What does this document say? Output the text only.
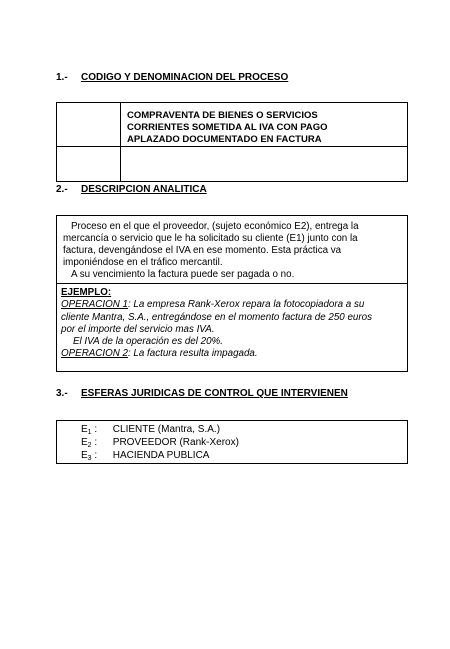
1.- CODIGO Y DENOMINACION DEL PROCESO
COMPRAVENTA DE BIENES O SERVICIOS
CORRIENTES SOMETIDA AL IVA CON PAGO
APLAZADO DOCUMENTADO EN FACTURA
2.- DESCRIPCION ANALITICA
Proceso en el que el proveedor, (sujeto económico E2), entrega la
mercancía o servicio que le ha solicitado su cliente (E1) junto con la
factura, devengándose el IVA en ese momento. Esta práctica va
imponiéndose en el tráfico mercantil.
A su vencimiento la factura puede ser pagada o no.
EJEMPLO:
OPERACION 1: La empresa Rank-Xerox repara la fotocopiadora a su
cliente Mantra, S.A., entregándose en el momento factura de 250 euros
por el importe del servicio mas IVA.
El IVA de la operación es del 20%.
OPERACION 2: La factura resulta impagada.
3.- ESFERAS JURIDICAS DE CONTROL QUE INTERVIENEN
$E_1$ : CLIENTE (Mantra, S.A.)
$E_2$ : PROVEEDOR (Rank-Xerox)
$E_3$ : HACIENDA PUBLICA
